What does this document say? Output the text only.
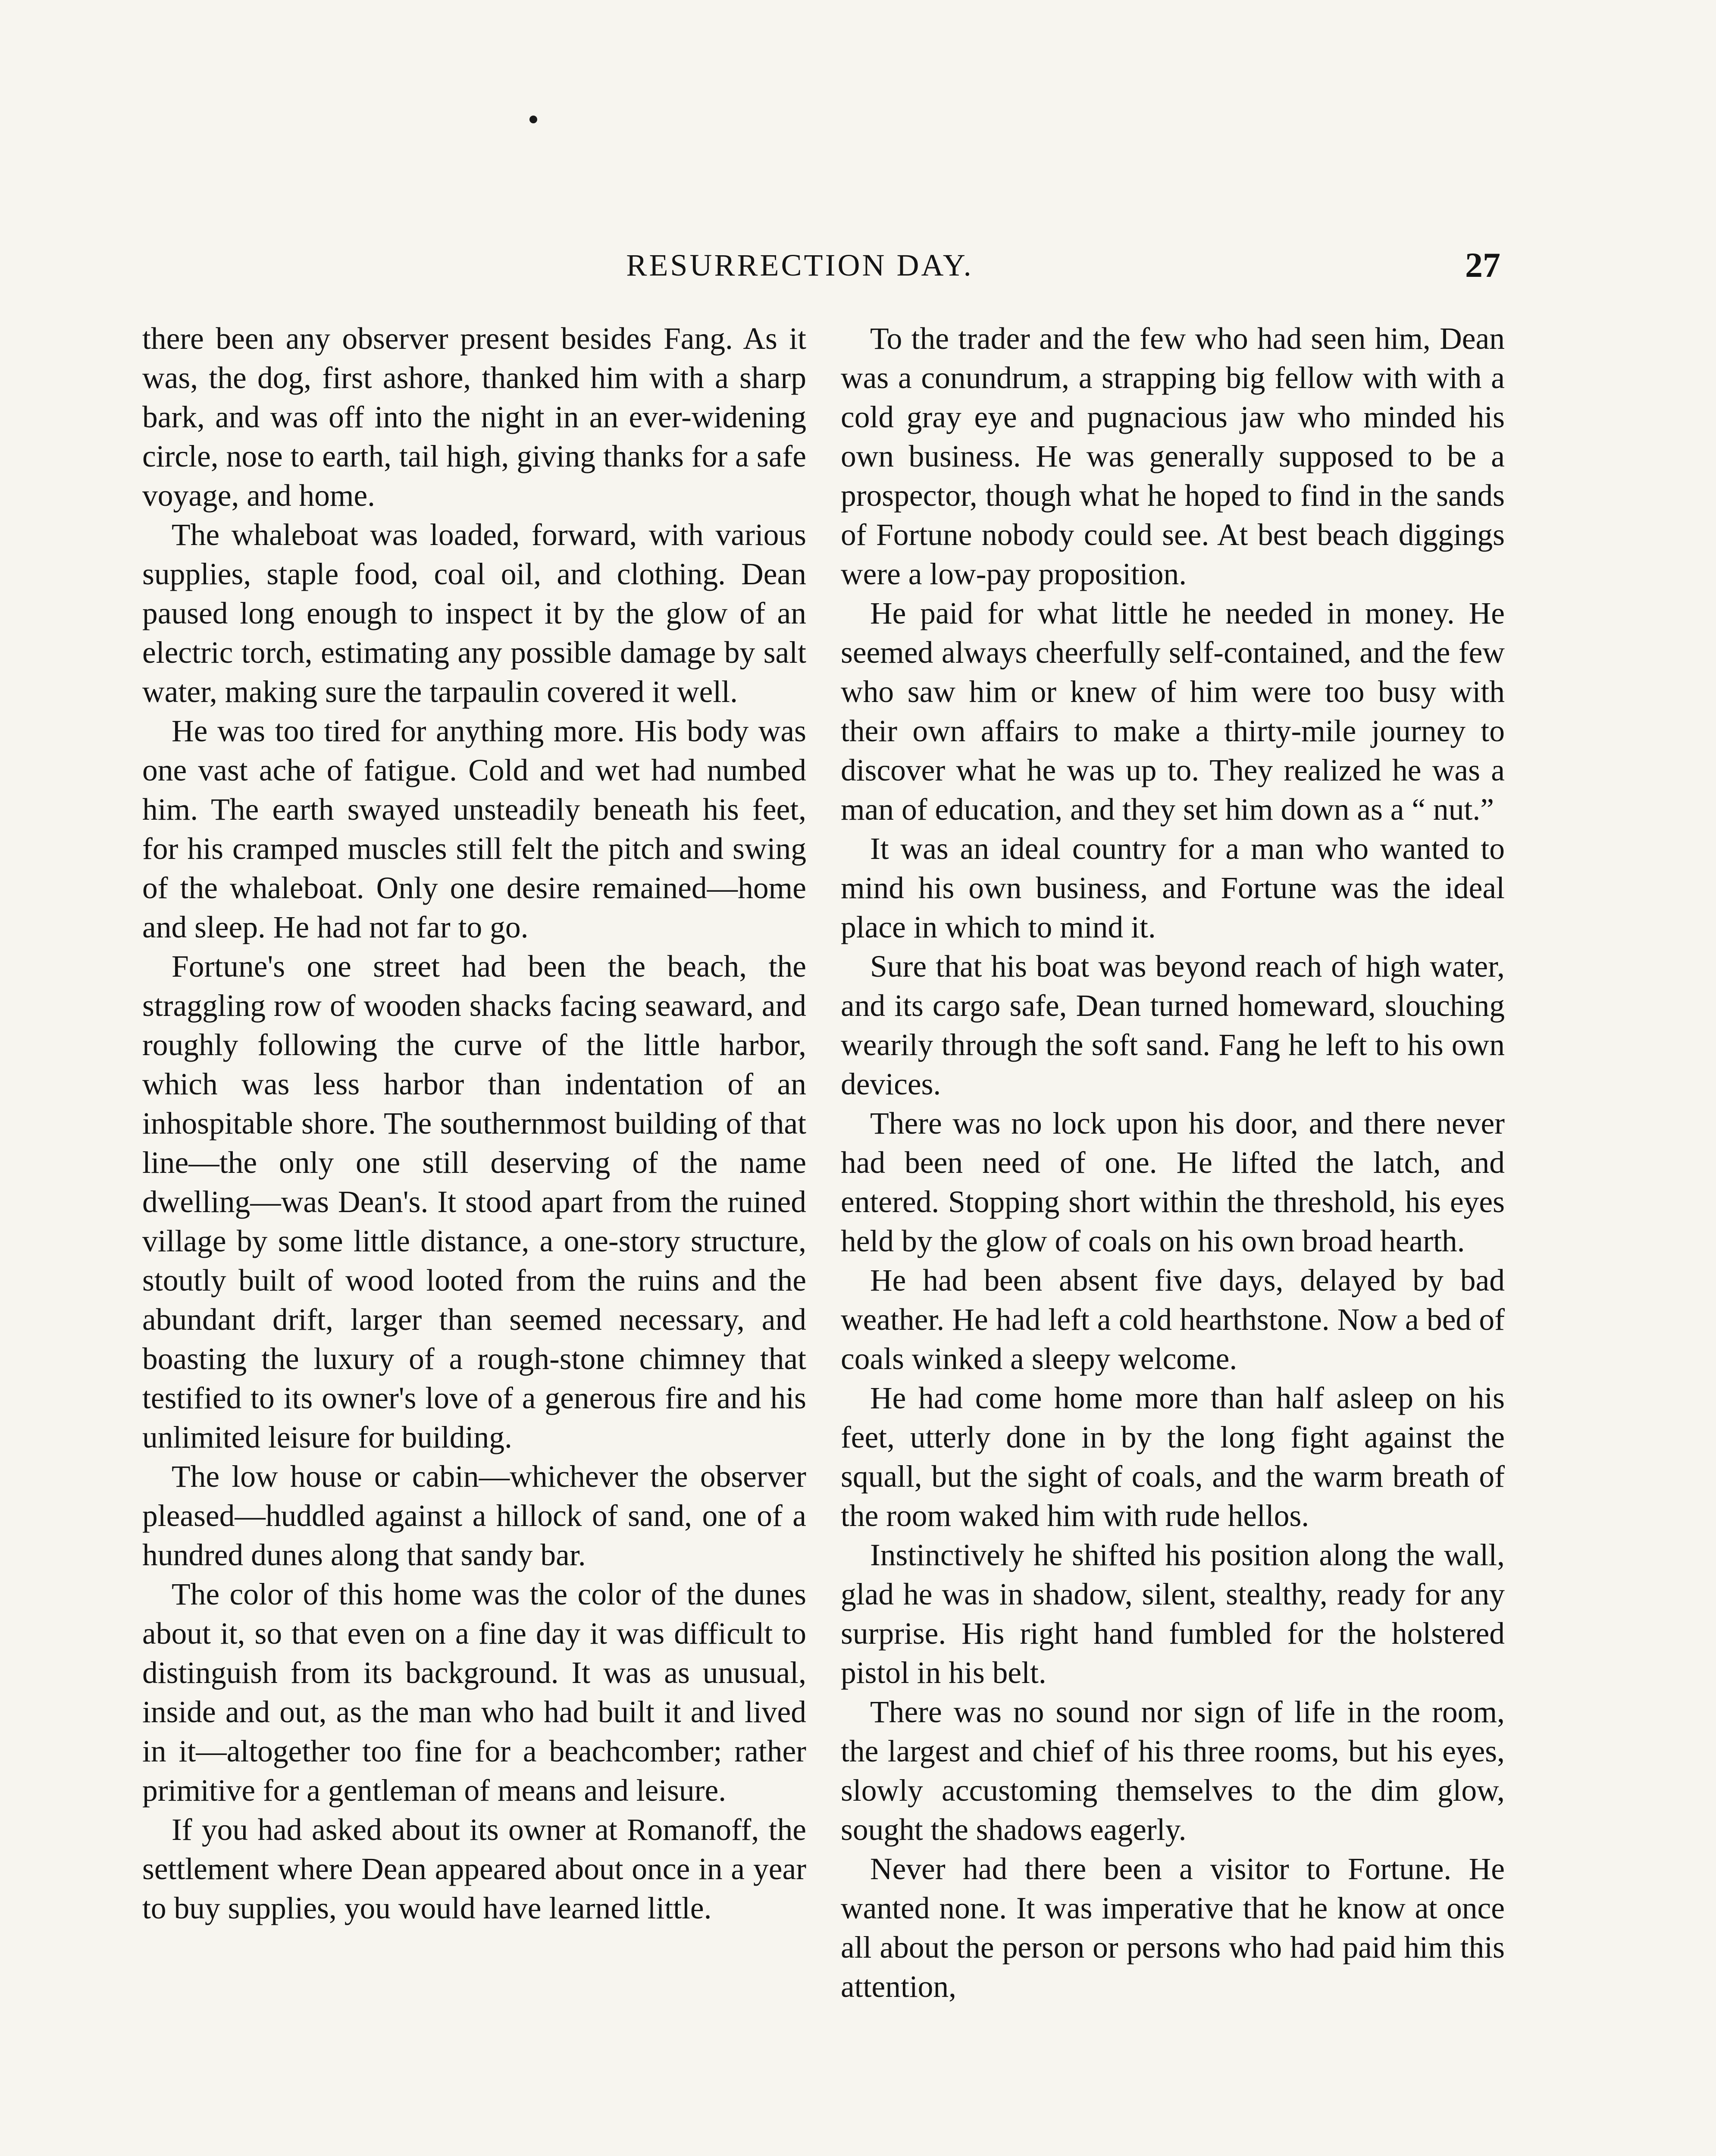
RESURRECTION DAY.	27

there been any observer present besides Fang. As it was, the dog, first ashore, thanked him with a sharp bark, and was off into the night in an ever-widening circle, nose to earth, tail high, giving thanks for a safe voyage, and home.

The whaleboat was loaded, forward, with various supplies, staple food, coal oil, and clothing. Dean paused long enough to inspect it by the glow of an electric torch, estimating any possible damage by salt water, making sure the tarpaulin covered it well.

He was too tired for anything more. His body was one vast ache of fatigue. Cold and wet had numbed him. The earth swayed unsteadily beneath his feet, for his cramped muscles still felt the pitch and swing of the whaleboat. Only one desire remained—home and sleep. He had not far to go.

Fortune's one street had been the beach, the straggling row of wooden shacks facing seaward, and roughly following the curve of the little harbor, which was less harbor than indentation of an inhospitable shore. The southernmost building of that line—the only one still deserving of the name dwelling—was Dean's. It stood apart from the ruined village by some little distance, a one-story structure, stoutly built of wood looted from the ruins and the abundant drift, larger than seemed necessary, and boasting the luxury of a rough-stone chimney that testified to its owner's love of a generous fire and his unlimited leisure for building.

The low house or cabin—whichever the observer pleased—huddled against a hillock of sand, one of a hundred dunes along that sandy bar.

The color of this home was the color of the dunes about it, so that even on a fine day it was difficult to distinguish from its background. It was as unusual, inside and out, as the man who had built it and lived in it—altogether too fine for a beachcomber; rather primitive for a gentleman of means and leisure.

If you had asked about its owner at Romanoff, the settlement where Dean appeared about once in a year to buy supplies, you would have learned little.

To the trader and the few who had seen him, Dean was a conundrum, a strapping big fellow with with a cold gray eye and pugnacious jaw who minded his own business. He was generally supposed to be a prospector, though what he hoped to find in the sands of Fortune nobody could see. At best beach diggings were a low-pay proposition.

He paid for what little he needed in money. He seemed always cheerfully self-contained, and the few who saw him or knew of him were too busy with their own affairs to make a thirty-mile journey to discover what he was up to. They realized he was a man of education, and they set him down as a “ nut.”

It was an ideal country for a man who wanted to mind his own business, and Fortune was the ideal place in which to mind it.

Sure that his boat was beyond reach of high water, and its cargo safe, Dean turned homeward, slouching wearily through the soft sand. Fang he left to his own devices.

There was no lock upon his door, and there never had been need of one. He lifted the latch, and entered. Stopping short within the threshold, his eyes held by the glow of coals on his own broad hearth.

He had been absent five days, delayed by bad weather. He had left a cold hearthstone. Now a bed of coals winked a sleepy welcome.

He had come home more than half asleep on his feet, utterly done in by the long fight against the squall, but the sight of coals, and the warm breath of the room waked him with rude hellos.

Instinctively he shifted his position along the wall, glad he was in shadow, silent, stealthy, ready for any surprise. His right hand fumbled for the holstered pistol in his belt.

There was no sound nor sign of life in the room, the largest and chief of his three rooms, but his eyes, slowly accustoming themselves to the dim glow, sought the shadows eagerly.

Never had there been a visitor to Fortune. He wanted none. It was imperative that he know at once all about the person or persons who had paid him this attention,
